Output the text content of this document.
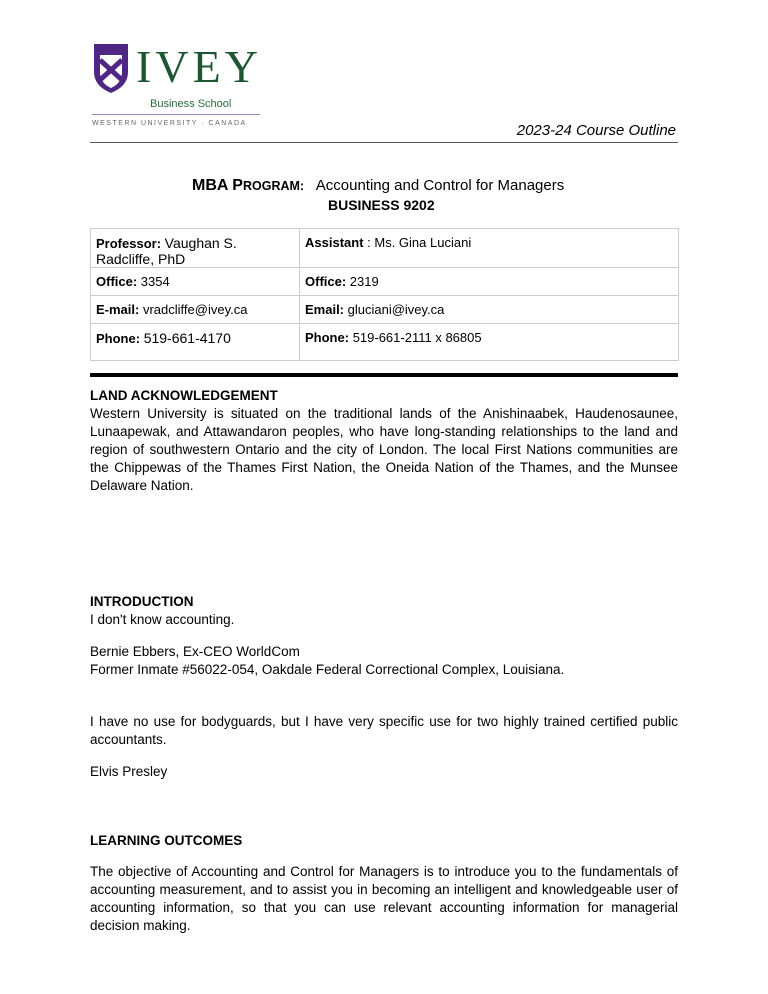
IVEY
Business School
WESTERN UNIVERSITY · CANADA	2023-24 Course Outline
MBA PROGRAM: Accounting and Control for Managers
BUSINESS 9202
Professor: Vaughan S. Radcliffe, PhD	Assistant : Ms. Gina Luciani
Office: 3354	Office: 2319
E-mail: vradcliffe@ivey.ca	Email: gluciani@ivey.ca
Phone: 519-661-4170	Phone: 519-661-2111 x 86805
LAND ACKNOWLEDGEMENT
Western University is situated on the traditional lands of the Anishinaabek, Haudenosaunee, Lunaapewak, and Attawandaron peoples, who have long-standing relationships to the land and region of southwestern Ontario and the city of London. The local First Nations communities are the Chippewas of the Thames First Nation, the Oneida Nation of the Thames, and the Munsee Delaware Nation.
INTRODUCTION
I don't know accounting.
Bernie Ebbers, Ex-CEO WorldCom
Former Inmate #56022-054, Oakdale Federal Correctional Complex, Louisiana.
I have no use for bodyguards, but I have very specific use for two highly trained certified public accountants.
Elvis Presley
LEARNING OUTCOMES
The objective of Accounting and Control for Managers is to introduce you to the fundamentals of accounting measurement, and to assist you in becoming an intelligent and knowledgeable user of accounting information, so that you can use relevant accounting information for managerial decision making.
